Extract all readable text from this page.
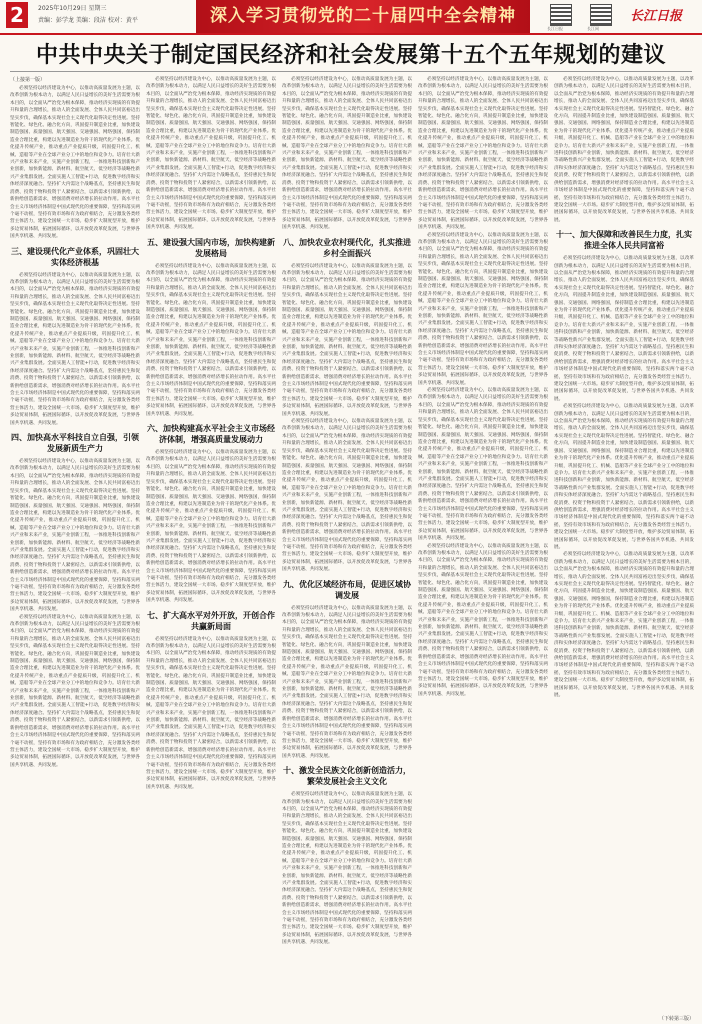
2	2025年10月29日 星期三
责编：彭学龙 美编：段洁 校对：黄平	深入学习贯彻党的二十届四中全会精神
长江日报	长江网
长江日报
中共中央关于制定国民经济和社会发展第十五个五年规划的建议
（上接第一版）

必须坚持以经济建设为中心，以推动高质量发展为主题，以改革创新为根本动力，以满足人民日益增长的美好生活需要为根本目的，以全面从严治党为根本保障，推动经济实现质的有效提升和量的合理增长，推动人的全面发展、全体人民共同富裕迈出坚实步伐，确保基本实现社会主义现代化取得决定性进展。坚持智能化、绿色化、融合化方向，巩固提升制造业比重，加快建设制造强国、质量强国、航天强国、交通强国、网络强国，保持制造业合理比重，构建以先进制造业为骨干的现代化产业体系。优化提升传统产业，推动重点产业提质升级，巩固提升化工、机械、造船等产业在全球产业分工中的地位和竞争力。培育壮大新兴产业和未来产业，实施产业创新工程，一体推进科技创新和产业创新，加快新能源、新材料、航空航天、低空经济等战略性新兴产业集群发展。全面实施人工智能+行动，促进数字经济和实体经济深度融合。坚持扩大内需这个战略基点，坚持惠民生和促消费、投资于物和投资于人紧密结合，以新需求引领新供给，以新供给创造新需求，增强消费对经济增长的拉动作用。高水平社会主义市场经济体制是中国式现代化的重要保障，坚持和落实两个毫不动摇，坚持有效市场和有为政府相结合，充分激发各类经营主体活力，建设全国统一大市场。稳步扩大制度型开放，维护多边贸易体制，拓展国际循环，以开放促改革促发展，与世界各国共享机遇、共同发展。

三、建设现代化产业体系，巩固壮大实体经济根基

必须坚持以经济建设为中心，以推动高质量发展为主题，以改革创新为根本动力，以满足人民日益增长的美好生活需要为根本目的，以全面从严治党为根本保障，推动经济实现质的有效提升和量的合理增长，推动人的全面发展、全体人民共同富裕迈出坚实步伐，确保基本实现社会主义现代化取得决定性进展。坚持智能化、绿色化、融合化方向，巩固提升制造业比重，加快建设制造强国、质量强国、航天强国、交通强国、网络强国，保持制造业合理比重，构建以先进制造业为骨干的现代化产业体系。优化提升传统产业，推动重点产业提质升级，巩固提升化工、机械、造船等产业在全球产业分工中的地位和竞争力。培育壮大新兴产业和未来产业，实施产业创新工程，一体推进科技创新和产业创新，加快新能源、新材料、航空航天、低空经济等战略性新兴产业集群发展。全面实施人工智能+行动，促进数字经济和实体经济深度融合。坚持扩大内需这个战略基点，坚持惠民生和促消费、投资于物和投资于人紧密结合，以新需求引领新供给，以新供给创造新需求，增强消费对经济增长的拉动作用。高水平社会主义市场经济体制是中国式现代化的重要保障，坚持和落实两个毫不动摇，坚持有效市场和有为政府相结合，充分激发各类经营主体活力，建设全国统一大市场。稳步扩大制度型开放，维护多边贸易体制，拓展国际循环，以开放促改革促发展，与世界各国共享机遇、共同发展。

四、加快高水平科技自立自强，引领发展新质生产力

必须坚持以经济建设为中心，以推动高质量发展为主题，以改革创新为根本动力，以满足人民日益增长的美好生活需要为根本目的，以全面从严治党为根本保障，推动经济实现质的有效提升和量的合理增长，推动人的全面发展、全体人民共同富裕迈出坚实步伐，确保基本实现社会主义现代化取得决定性进展。坚持智能化、绿色化、融合化方向，巩固提升制造业比重，加快建设制造强国、质量强国、航天强国、交通强国、网络强国，保持制造业合理比重，构建以先进制造业为骨干的现代化产业体系。优化提升传统产业，推动重点产业提质升级，巩固提升化工、机械、造船等产业在全球产业分工中的地位和竞争力。培育壮大新兴产业和未来产业，实施产业创新工程，一体推进科技创新和产业创新，加快新能源、新材料、航空航天、低空经济等战略性新兴产业集群发展。全面实施人工智能+行动，促进数字经济和实体经济深度融合。坚持扩大内需这个战略基点，坚持惠民生和促消费、投资于物和投资于人紧密结合，以新需求引领新供给，以新供给创造新需求，增强消费对经济增长的拉动作用。高水平社会主义市场经济体制是中国式现代化的重要保障，坚持和落实两个毫不动摇，坚持有效市场和有为政府相结合，充分激发各类经营主体活力，建设全国统一大市场。稳步扩大制度型开放，维护多边贸易体制，拓展国际循环，以开放促改革促发展，与世界各国共享机遇、共同发展。

必须坚持以经济建设为中心，以推动高质量发展为主题，以改革创新为根本动力，以满足人民日益增长的美好生活需要为根本目的，以全面从严治党为根本保障，推动经济实现质的有效提升和量的合理增长，推动人的全面发展、全体人民共同富裕迈出坚实步伐，确保基本实现社会主义现代化取得决定性进展。坚持智能化、绿色化、融合化方向，巩固提升制造业比重，加快建设制造强国、质量强国、航天强国、交通强国、网络强国，保持制造业合理比重，构建以先进制造业为骨干的现代化产业体系。优化提升传统产业，推动重点产业提质升级，巩固提升化工、机械、造船等产业在全球产业分工中的地位和竞争力。培育壮大新兴产业和未来产业，实施产业创新工程，一体推进科技创新和产业创新，加快新能源、新材料、航空航天、低空经济等战略性新兴产业集群发展。全面实施人工智能+行动，促进数字经济和实体经济深度融合。坚持扩大内需这个战略基点，坚持惠民生和促消费、投资于物和投资于人紧密结合，以新需求引领新供给，以新供给创造新需求，增强消费对经济增长的拉动作用。高水平社会主义市场经济体制是中国式现代化的重要保障，坚持和落实两个毫不动摇，坚持有效市场和有为政府相结合，充分激发各类经营主体活力，建设全国统一大市场。稳步扩大制度型开放，维护多边贸易体制，拓展国际循环，以开放促改革促发展，与世界各国共享机遇、共同发展。

必须坚持以经济建设为中心，以推动高质量发展为主题，以改革创新为根本动力，以满足人民日益增长的美好生活需要为根本目的，以全面从严治党为根本保障，推动经济实现质的有效提升和量的合理增长，推动人的全面发展、全体人民共同富裕迈出坚实步伐，确保基本实现社会主义现代化取得决定性进展。坚持智能化、绿色化、融合化方向，巩固提升制造业比重，加快建设制造强国、质量强国、航天强国、交通强国、网络强国，保持制造业合理比重，构建以先进制造业为骨干的现代化产业体系。优化提升传统产业，推动重点产业提质升级，巩固提升化工、机械、造船等产业在全球产业分工中的地位和竞争力。培育壮大新兴产业和未来产业，实施产业创新工程，一体推进科技创新和产业创新，加快新能源、新材料、航空航天、低空经济等战略性新兴产业集群发展。全面实施人工智能+行动，促进数字经济和实体经济深度融合。坚持扩大内需这个战略基点，坚持惠民生和促消费、投资于物和投资于人紧密结合，以新需求引领新供给，以新供给创造新需求，增强消费对经济增长的拉动作用。高水平社会主义市场经济体制是中国式现代化的重要保障，坚持和落实两个毫不动摇，坚持有效市场和有为政府相结合，充分激发各类经营主体活力，建设全国统一大市场。稳步扩大制度型开放，维护多边贸易体制，拓展国际循环，以开放促改革促发展，与世界各国共享机遇、共同发展。

五、建设强大国内市场，加快构建新发展格局

必须坚持以经济建设为中心，以推动高质量发展为主题，以改革创新为根本动力，以满足人民日益增长的美好生活需要为根本目的，以全面从严治党为根本保障，推动经济实现质的有效提升和量的合理增长，推动人的全面发展、全体人民共同富裕迈出坚实步伐，确保基本实现社会主义现代化取得决定性进展。坚持智能化、绿色化、融合化方向，巩固提升制造业比重，加快建设制造强国、质量强国、航天强国、交通强国、网络强国，保持制造业合理比重，构建以先进制造业为骨干的现代化产业体系。优化提升传统产业，推动重点产业提质升级，巩固提升化工、机械、造船等产业在全球产业分工中的地位和竞争力。培育壮大新兴产业和未来产业，实施产业创新工程，一体推进科技创新和产业创新，加快新能源、新材料、航空航天、低空经济等战略性新兴产业集群发展。全面实施人工智能+行动，促进数字经济和实体经济深度融合。坚持扩大内需这个战略基点，坚持惠民生和促消费、投资于物和投资于人紧密结合，以新需求引领新供给，以新供给创造新需求，增强消费对经济增长的拉动作用。高水平社会主义市场经济体制是中国式现代化的重要保障，坚持和落实两个毫不动摇，坚持有效市场和有为政府相结合，充分激发各类经营主体活力，建设全国统一大市场。稳步扩大制度型开放，维护多边贸易体制，拓展国际循环，以开放促改革促发展，与世界各国共享机遇、共同发展。

六、加快构建高水平社会主义市场经济体制，增强高质量发展动力

必须坚持以经济建设为中心，以推动高质量发展为主题，以改革创新为根本动力，以满足人民日益增长的美好生活需要为根本目的，以全面从严治党为根本保障，推动经济实现质的有效提升和量的合理增长，推动人的全面发展、全体人民共同富裕迈出坚实步伐，确保基本实现社会主义现代化取得决定性进展。坚持智能化、绿色化、融合化方向，巩固提升制造业比重，加快建设制造强国、质量强国、航天强国、交通强国、网络强国，保持制造业合理比重，构建以先进制造业为骨干的现代化产业体系。优化提升传统产业，推动重点产业提质升级，巩固提升化工、机械、造船等产业在全球产业分工中的地位和竞争力。培育壮大新兴产业和未来产业，实施产业创新工程，一体推进科技创新和产业创新，加快新能源、新材料、航空航天、低空经济等战略性新兴产业集群发展。全面实施人工智能+行动，促进数字经济和实体经济深度融合。坚持扩大内需这个战略基点，坚持惠民生和促消费、投资于物和投资于人紧密结合，以新需求引领新供给，以新供给创造新需求，增强消费对经济增长的拉动作用。高水平社会主义市场经济体制是中国式现代化的重要保障，坚持和落实两个毫不动摇，坚持有效市场和有为政府相结合，充分激发各类经营主体活力，建设全国统一大市场。稳步扩大制度型开放，维护多边贸易体制，拓展国际循环，以开放促改革促发展，与世界各国共享机遇、共同发展。

七、扩大高水平对外开放，开创合作共赢新局面

必须坚持以经济建设为中心，以推动高质量发展为主题，以改革创新为根本动力，以满足人民日益增长的美好生活需要为根本目的，以全面从严治党为根本保障，推动经济实现质的有效提升和量的合理增长，推动人的全面发展、全体人民共同富裕迈出坚实步伐，确保基本实现社会主义现代化取得决定性进展。坚持智能化、绿色化、融合化方向，巩固提升制造业比重，加快建设制造强国、质量强国、航天强国、交通强国、网络强国，保持制造业合理比重，构建以先进制造业为骨干的现代化产业体系。优化提升传统产业，推动重点产业提质升级，巩固提升化工、机械、造船等产业在全球产业分工中的地位和竞争力。培育壮大新兴产业和未来产业，实施产业创新工程，一体推进科技创新和产业创新，加快新能源、新材料、航空航天、低空经济等战略性新兴产业集群发展。全面实施人工智能+行动，促进数字经济和实体经济深度融合。坚持扩大内需这个战略基点，坚持惠民生和促消费、投资于物和投资于人紧密结合，以新需求引领新供给，以新供给创造新需求，增强消费对经济增长的拉动作用。高水平社会主义市场经济体制是中国式现代化的重要保障，坚持和落实两个毫不动摇，坚持有效市场和有为政府相结合，充分激发各类经营主体活力，建设全国统一大市场。稳步扩大制度型开放，维护多边贸易体制，拓展国际循环，以开放促改革促发展，与世界各国共享机遇、共同发展。

必须坚持以经济建设为中心，以推动高质量发展为主题，以改革创新为根本动力，以满足人民日益增长的美好生活需要为根本目的，以全面从严治党为根本保障，推动经济实现质的有效提升和量的合理增长，推动人的全面发展、全体人民共同富裕迈出坚实步伐，确保基本实现社会主义现代化取得决定性进展。坚持智能化、绿色化、融合化方向，巩固提升制造业比重，加快建设制造强国、质量强国、航天强国、交通强国、网络强国，保持制造业合理比重，构建以先进制造业为骨干的现代化产业体系。优化提升传统产业，推动重点产业提质升级，巩固提升化工、机械、造船等产业在全球产业分工中的地位和竞争力。培育壮大新兴产业和未来产业，实施产业创新工程，一体推进科技创新和产业创新，加快新能源、新材料、航空航天、低空经济等战略性新兴产业集群发展。全面实施人工智能+行动，促进数字经济和实体经济深度融合。坚持扩大内需这个战略基点，坚持惠民生和促消费、投资于物和投资于人紧密结合，以新需求引领新供给，以新供给创造新需求，增强消费对经济增长的拉动作用。高水平社会主义市场经济体制是中国式现代化的重要保障，坚持和落实两个毫不动摇，坚持有效市场和有为政府相结合，充分激发各类经营主体活力，建设全国统一大市场。稳步扩大制度型开放，维护多边贸易体制，拓展国际循环，以开放促改革促发展，与世界各国共享机遇、共同发展。

八、加快农业农村现代化，扎实推进乡村全面振兴

必须坚持以经济建设为中心，以推动高质量发展为主题，以改革创新为根本动力，以满足人民日益增长的美好生活需要为根本目的，以全面从严治党为根本保障，推动经济实现质的有效提升和量的合理增长，推动人的全面发展、全体人民共同富裕迈出坚实步伐，确保基本实现社会主义现代化取得决定性进展。坚持智能化、绿色化、融合化方向，巩固提升制造业比重，加快建设制造强国、质量强国、航天强国、交通强国、网络强国，保持制造业合理比重，构建以先进制造业为骨干的现代化产业体系。优化提升传统产业，推动重点产业提质升级，巩固提升化工、机械、造船等产业在全球产业分工中的地位和竞争力。培育壮大新兴产业和未来产业，实施产业创新工程，一体推进科技创新和产业创新，加快新能源、新材料、航空航天、低空经济等战略性新兴产业集群发展。全面实施人工智能+行动，促进数字经济和实体经济深度融合。坚持扩大内需这个战略基点，坚持惠民生和促消费、投资于物和投资于人紧密结合，以新需求引领新供给，以新供给创造新需求，增强消费对经济增长的拉动作用。高水平社会主义市场经济体制是中国式现代化的重要保障，坚持和落实两个毫不动摇，坚持有效市场和有为政府相结合，充分激发各类经营主体活力，建设全国统一大市场。稳步扩大制度型开放，维护多边贸易体制，拓展国际循环，以开放促改革促发展，与世界各国共享机遇、共同发展。

必须坚持以经济建设为中心，以推动高质量发展为主题，以改革创新为根本动力，以满足人民日益增长的美好生活需要为根本目的，以全面从严治党为根本保障，推动经济实现质的有效提升和量的合理增长，推动人的全面发展、全体人民共同富裕迈出坚实步伐，确保基本实现社会主义现代化取得决定性进展。坚持智能化、绿色化、融合化方向，巩固提升制造业比重，加快建设制造强国、质量强国、航天强国、交通强国、网络强国，保持制造业合理比重，构建以先进制造业为骨干的现代化产业体系。优化提升传统产业，推动重点产业提质升级，巩固提升化工、机械、造船等产业在全球产业分工中的地位和竞争力。培育壮大新兴产业和未来产业，实施产业创新工程，一体推进科技创新和产业创新，加快新能源、新材料、航空航天、低空经济等战略性新兴产业集群发展。全面实施人工智能+行动，促进数字经济和实体经济深度融合。坚持扩大内需这个战略基点，坚持惠民生和促消费、投资于物和投资于人紧密结合，以新需求引领新供给，以新供给创造新需求，增强消费对经济增长的拉动作用。高水平社会主义市场经济体制是中国式现代化的重要保障，坚持和落实两个毫不动摇，坚持有效市场和有为政府相结合，充分激发各类经营主体活力，建设全国统一大市场。稳步扩大制度型开放，维护多边贸易体制，拓展国际循环，以开放促改革促发展，与世界各国共享机遇、共同发展。

九、优化区域经济布局，促进区域协调发展

必须坚持以经济建设为中心，以推动高质量发展为主题，以改革创新为根本动力，以满足人民日益增长的美好生活需要为根本目的，以全面从严治党为根本保障，推动经济实现质的有效提升和量的合理增长，推动人的全面发展、全体人民共同富裕迈出坚实步伐，确保基本实现社会主义现代化取得决定性进展。坚持智能化、绿色化、融合化方向，巩固提升制造业比重，加快建设制造强国、质量强国、航天强国、交通强国、网络强国，保持制造业合理比重，构建以先进制造业为骨干的现代化产业体系。优化提升传统产业，推动重点产业提质升级，巩固提升化工、机械、造船等产业在全球产业分工中的地位和竞争力。培育壮大新兴产业和未来产业，实施产业创新工程，一体推进科技创新和产业创新，加快新能源、新材料、航空航天、低空经济等战略性新兴产业集群发展。全面实施人工智能+行动，促进数字经济和实体经济深度融合。坚持扩大内需这个战略基点，坚持惠民生和促消费、投资于物和投资于人紧密结合，以新需求引领新供给，以新供给创造新需求，增强消费对经济增长的拉动作用。高水平社会主义市场经济体制是中国式现代化的重要保障，坚持和落实两个毫不动摇，坚持有效市场和有为政府相结合，充分激发各类经营主体活力，建设全国统一大市场。稳步扩大制度型开放，维护多边贸易体制，拓展国际循环，以开放促改革促发展，与世界各国共享机遇、共同发展。

十、激发全民族文化创新创造活力，繁荣发展社会主义文化

必须坚持以经济建设为中心，以推动高质量发展为主题，以改革创新为根本动力，以满足人民日益增长的美好生活需要为根本目的，以全面从严治党为根本保障，推动经济实现质的有效提升和量的合理增长，推动人的全面发展、全体人民共同富裕迈出坚实步伐，确保基本实现社会主义现代化取得决定性进展。坚持智能化、绿色化、融合化方向，巩固提升制造业比重，加快建设制造强国、质量强国、航天强国、交通强国、网络强国，保持制造业合理比重，构建以先进制造业为骨干的现代化产业体系。优化提升传统产业，推动重点产业提质升级，巩固提升化工、机械、造船等产业在全球产业分工中的地位和竞争力。培育壮大新兴产业和未来产业，实施产业创新工程，一体推进科技创新和产业创新，加快新能源、新材料、航空航天、低空经济等战略性新兴产业集群发展。全面实施人工智能+行动，促进数字经济和实体经济深度融合。坚持扩大内需这个战略基点，坚持惠民生和促消费、投资于物和投资于人紧密结合，以新需求引领新供给，以新供给创造新需求，增强消费对经济增长的拉动作用。高水平社会主义市场经济体制是中国式现代化的重要保障，坚持和落实两个毫不动摇，坚持有效市场和有为政府相结合，充分激发各类经营主体活力，建设全国统一大市场。稳步扩大制度型开放，维护多边贸易体制，拓展国际循环，以开放促改革促发展，与世界各国共享机遇、共同发展。

必须坚持以经济建设为中心，以推动高质量发展为主题，以改革创新为根本动力，以满足人民日益增长的美好生活需要为根本目的，以全面从严治党为根本保障，推动经济实现质的有效提升和量的合理增长，推动人的全面发展、全体人民共同富裕迈出坚实步伐，确保基本实现社会主义现代化取得决定性进展。坚持智能化、绿色化、融合化方向，巩固提升制造业比重，加快建设制造强国、质量强国、航天强国、交通强国、网络强国，保持制造业合理比重，构建以先进制造业为骨干的现代化产业体系。优化提升传统产业，推动重点产业提质升级，巩固提升化工、机械、造船等产业在全球产业分工中的地位和竞争力。培育壮大新兴产业和未来产业，实施产业创新工程，一体推进科技创新和产业创新，加快新能源、新材料、航空航天、低空经济等战略性新兴产业集群发展。全面实施人工智能+行动，促进数字经济和实体经济深度融合。坚持扩大内需这个战略基点，坚持惠民生和促消费、投资于物和投资于人紧密结合，以新需求引领新供给，以新供给创造新需求，增强消费对经济增长的拉动作用。高水平社会主义市场经济体制是中国式现代化的重要保障，坚持和落实两个毫不动摇，坚持有效市场和有为政府相结合，充分激发各类经营主体活力，建设全国统一大市场。稳步扩大制度型开放，维护多边贸易体制，拓展国际循环，以开放促改革促发展，与世界各国共享机遇、共同发展。

必须坚持以经济建设为中心，以推动高质量发展为主题，以改革创新为根本动力，以满足人民日益增长的美好生活需要为根本目的，以全面从严治党为根本保障，推动经济实现质的有效提升和量的合理增长，推动人的全面发展、全体人民共同富裕迈出坚实步伐，确保基本实现社会主义现代化取得决定性进展。坚持智能化、绿色化、融合化方向，巩固提升制造业比重，加快建设制造强国、质量强国、航天强国、交通强国、网络强国，保持制造业合理比重，构建以先进制造业为骨干的现代化产业体系。优化提升传统产业，推动重点产业提质升级，巩固提升化工、机械、造船等产业在全球产业分工中的地位和竞争力。培育壮大新兴产业和未来产业，实施产业创新工程，一体推进科技创新和产业创新，加快新能源、新材料、航空航天、低空经济等战略性新兴产业集群发展。全面实施人工智能+行动，促进数字经济和实体经济深度融合。坚持扩大内需这个战略基点，坚持惠民生和促消费、投资于物和投资于人紧密结合，以新需求引领新供给，以新供给创造新需求，增强消费对经济增长的拉动作用。高水平社会主义市场经济体制是中国式现代化的重要保障，坚持和落实两个毫不动摇，坚持有效市场和有为政府相结合，充分激发各类经营主体活力，建设全国统一大市场。稳步扩大制度型开放，维护多边贸易体制，拓展国际循环，以开放促改革促发展，与世界各国共享机遇、共同发展。

必须坚持以经济建设为中心，以推动高质量发展为主题，以改革创新为根本动力，以满足人民日益增长的美好生活需要为根本目的，以全面从严治党为根本保障，推动经济实现质的有效提升和量的合理增长，推动人的全面发展、全体人民共同富裕迈出坚实步伐，确保基本实现社会主义现代化取得决定性进展。坚持智能化、绿色化、融合化方向，巩固提升制造业比重，加快建设制造强国、质量强国、航天强国、交通强国、网络强国，保持制造业合理比重，构建以先进制造业为骨干的现代化产业体系。优化提升传统产业，推动重点产业提质升级，巩固提升化工、机械、造船等产业在全球产业分工中的地位和竞争力。培育壮大新兴产业和未来产业，实施产业创新工程，一体推进科技创新和产业创新，加快新能源、新材料、航空航天、低空经济等战略性新兴产业集群发展。全面实施人工智能+行动，促进数字经济和实体经济深度融合。坚持扩大内需这个战略基点，坚持惠民生和促消费、投资于物和投资于人紧密结合，以新需求引领新供给，以新供给创造新需求，增强消费对经济增长的拉动作用。高水平社会主义市场经济体制是中国式现代化的重要保障，坚持和落实两个毫不动摇，坚持有效市场和有为政府相结合，充分激发各类经营主体活力，建设全国统一大市场。稳步扩大制度型开放，维护多边贸易体制，拓展国际循环，以开放促改革促发展，与世界各国共享机遇、共同发展。

必须坚持以经济建设为中心，以推动高质量发展为主题，以改革创新为根本动力，以满足人民日益增长的美好生活需要为根本目的，以全面从严治党为根本保障，推动经济实现质的有效提升和量的合理增长，推动人的全面发展、全体人民共同富裕迈出坚实步伐，确保基本实现社会主义现代化取得决定性进展。坚持智能化、绿色化、融合化方向，巩固提升制造业比重，加快建设制造强国、质量强国、航天强国、交通强国、网络强国，保持制造业合理比重，构建以先进制造业为骨干的现代化产业体系。优化提升传统产业，推动重点产业提质升级，巩固提升化工、机械、造船等产业在全球产业分工中的地位和竞争力。培育壮大新兴产业和未来产业，实施产业创新工程，一体推进科技创新和产业创新，加快新能源、新材料、航空航天、低空经济等战略性新兴产业集群发展。全面实施人工智能+行动，促进数字经济和实体经济深度融合。坚持扩大内需这个战略基点，坚持惠民生和促消费、投资于物和投资于人紧密结合，以新需求引领新供给，以新供给创造新需求，增强消费对经济增长的拉动作用。高水平社会主义市场经济体制是中国式现代化的重要保障，坚持和落实两个毫不动摇，坚持有效市场和有为政府相结合，充分激发各类经营主体活力，建设全国统一大市场。稳步扩大制度型开放，维护多边贸易体制，拓展国际循环，以开放促改革促发展，与世界各国共享机遇、共同发展。

必须坚持以经济建设为中心，以推动高质量发展为主题，以改革创新为根本动力，以满足人民日益增长的美好生活需要为根本目的，以全面从严治党为根本保障，推动经济实现质的有效提升和量的合理增长，推动人的全面发展、全体人民共同富裕迈出坚实步伐，确保基本实现社会主义现代化取得决定性进展。坚持智能化、绿色化、融合化方向，巩固提升制造业比重，加快建设制造强国、质量强国、航天强国、交通强国、网络强国，保持制造业合理比重，构建以先进制造业为骨干的现代化产业体系。优化提升传统产业，推动重点产业提质升级，巩固提升化工、机械、造船等产业在全球产业分工中的地位和竞争力。培育壮大新兴产业和未来产业，实施产业创新工程，一体推进科技创新和产业创新，加快新能源、新材料、航空航天、低空经济等战略性新兴产业集群发展。全面实施人工智能+行动，促进数字经济和实体经济深度融合。坚持扩大内需这个战略基点，坚持惠民生和促消费、投资于物和投资于人紧密结合，以新需求引领新供给，以新供给创造新需求，增强消费对经济增长的拉动作用。高水平社会主义市场经济体制是中国式现代化的重要保障，坚持和落实两个毫不动摇，坚持有效市场和有为政府相结合，充分激发各类经营主体活力，建设全国统一大市场。稳步扩大制度型开放，维护多边贸易体制，拓展国际循环，以开放促改革促发展，与世界各国共享机遇、共同发展。

十一、加大保障和改善民生力度，扎实推进全体人民共同富裕

必须坚持以经济建设为中心，以推动高质量发展为主题，以改革创新为根本动力，以满足人民日益增长的美好生活需要为根本目的，以全面从严治党为根本保障，推动经济实现质的有效提升和量的合理增长，推动人的全面发展、全体人民共同富裕迈出坚实步伐，确保基本实现社会主义现代化取得决定性进展。坚持智能化、绿色化、融合化方向，巩固提升制造业比重，加快建设制造强国、质量强国、航天强国、交通强国、网络强国，保持制造业合理比重，构建以先进制造业为骨干的现代化产业体系。优化提升传统产业，推动重点产业提质升级，巩固提升化工、机械、造船等产业在全球产业分工中的地位和竞争力。培育壮大新兴产业和未来产业，实施产业创新工程，一体推进科技创新和产业创新，加快新能源、新材料、航空航天、低空经济等战略性新兴产业集群发展。全面实施人工智能+行动，促进数字经济和实体经济深度融合。坚持扩大内需这个战略基点，坚持惠民生和促消费、投资于物和投资于人紧密结合，以新需求引领新供给，以新供给创造新需求，增强消费对经济增长的拉动作用。高水平社会主义市场经济体制是中国式现代化的重要保障，坚持和落实两个毫不动摇，坚持有效市场和有为政府相结合，充分激发各类经营主体活力，建设全国统一大市场。稳步扩大制度型开放，维护多边贸易体制，拓展国际循环，以开放促改革促发展，与世界各国共享机遇、共同发展。

必须坚持以经济建设为中心，以推动高质量发展为主题，以改革创新为根本动力，以满足人民日益增长的美好生活需要为根本目的，以全面从严治党为根本保障，推动经济实现质的有效提升和量的合理增长，推动人的全面发展、全体人民共同富裕迈出坚实步伐，确保基本实现社会主义现代化取得决定性进展。坚持智能化、绿色化、融合化方向，巩固提升制造业比重，加快建设制造强国、质量强国、航天强国、交通强国、网络强国，保持制造业合理比重，构建以先进制造业为骨干的现代化产业体系。优化提升传统产业，推动重点产业提质升级，巩固提升化工、机械、造船等产业在全球产业分工中的地位和竞争力。培育壮大新兴产业和未来产业，实施产业创新工程，一体推进科技创新和产业创新，加快新能源、新材料、航空航天、低空经济等战略性新兴产业集群发展。全面实施人工智能+行动，促进数字经济和实体经济深度融合。坚持扩大内需这个战略基点，坚持惠民生和促消费、投资于物和投资于人紧密结合，以新需求引领新供给，以新供给创造新需求，增强消费对经济增长的拉动作用。高水平社会主义市场经济体制是中国式现代化的重要保障，坚持和落实两个毫不动摇，坚持有效市场和有为政府相结合，充分激发各类经营主体活力，建设全国统一大市场。稳步扩大制度型开放，维护多边贸易体制，拓展国际循环，以开放促改革促发展，与世界各国共享机遇、共同发展。

必须坚持以经济建设为中心，以推动高质量发展为主题，以改革创新为根本动力，以满足人民日益增长的美好生活需要为根本目的，以全面从严治党为根本保障，推动经济实现质的有效提升和量的合理增长，推动人的全面发展、全体人民共同富裕迈出坚实步伐，确保基本实现社会主义现代化取得决定性进展。坚持智能化、绿色化、融合化方向，巩固提升制造业比重，加快建设制造强国、质量强国、航天强国、交通强国、网络强国，保持制造业合理比重，构建以先进制造业为骨干的现代化产业体系。优化提升传统产业，推动重点产业提质升级，巩固提升化工、机械、造船等产业在全球产业分工中的地位和竞争力。培育壮大新兴产业和未来产业，实施产业创新工程，一体推进科技创新和产业创新，加快新能源、新材料、航空航天、低空经济等战略性新兴产业集群发展。全面实施人工智能+行动，促进数字经济和实体经济深度融合。坚持扩大内需这个战略基点，坚持惠民生和促消费、投资于物和投资于人紧密结合，以新需求引领新供给，以新供给创造新需求，增强消费对经济增长的拉动作用。高水平社会主义市场经济体制是中国式现代化的重要保障，坚持和落实两个毫不动摇，坚持有效市场和有为政府相结合，充分激发各类经营主体活力，建设全国统一大市场。稳步扩大制度型开放，维护多边贸易体制，拓展国际循环，以开放促改革促发展，与世界各国共享机遇、共同发展。

（下转第三版）
